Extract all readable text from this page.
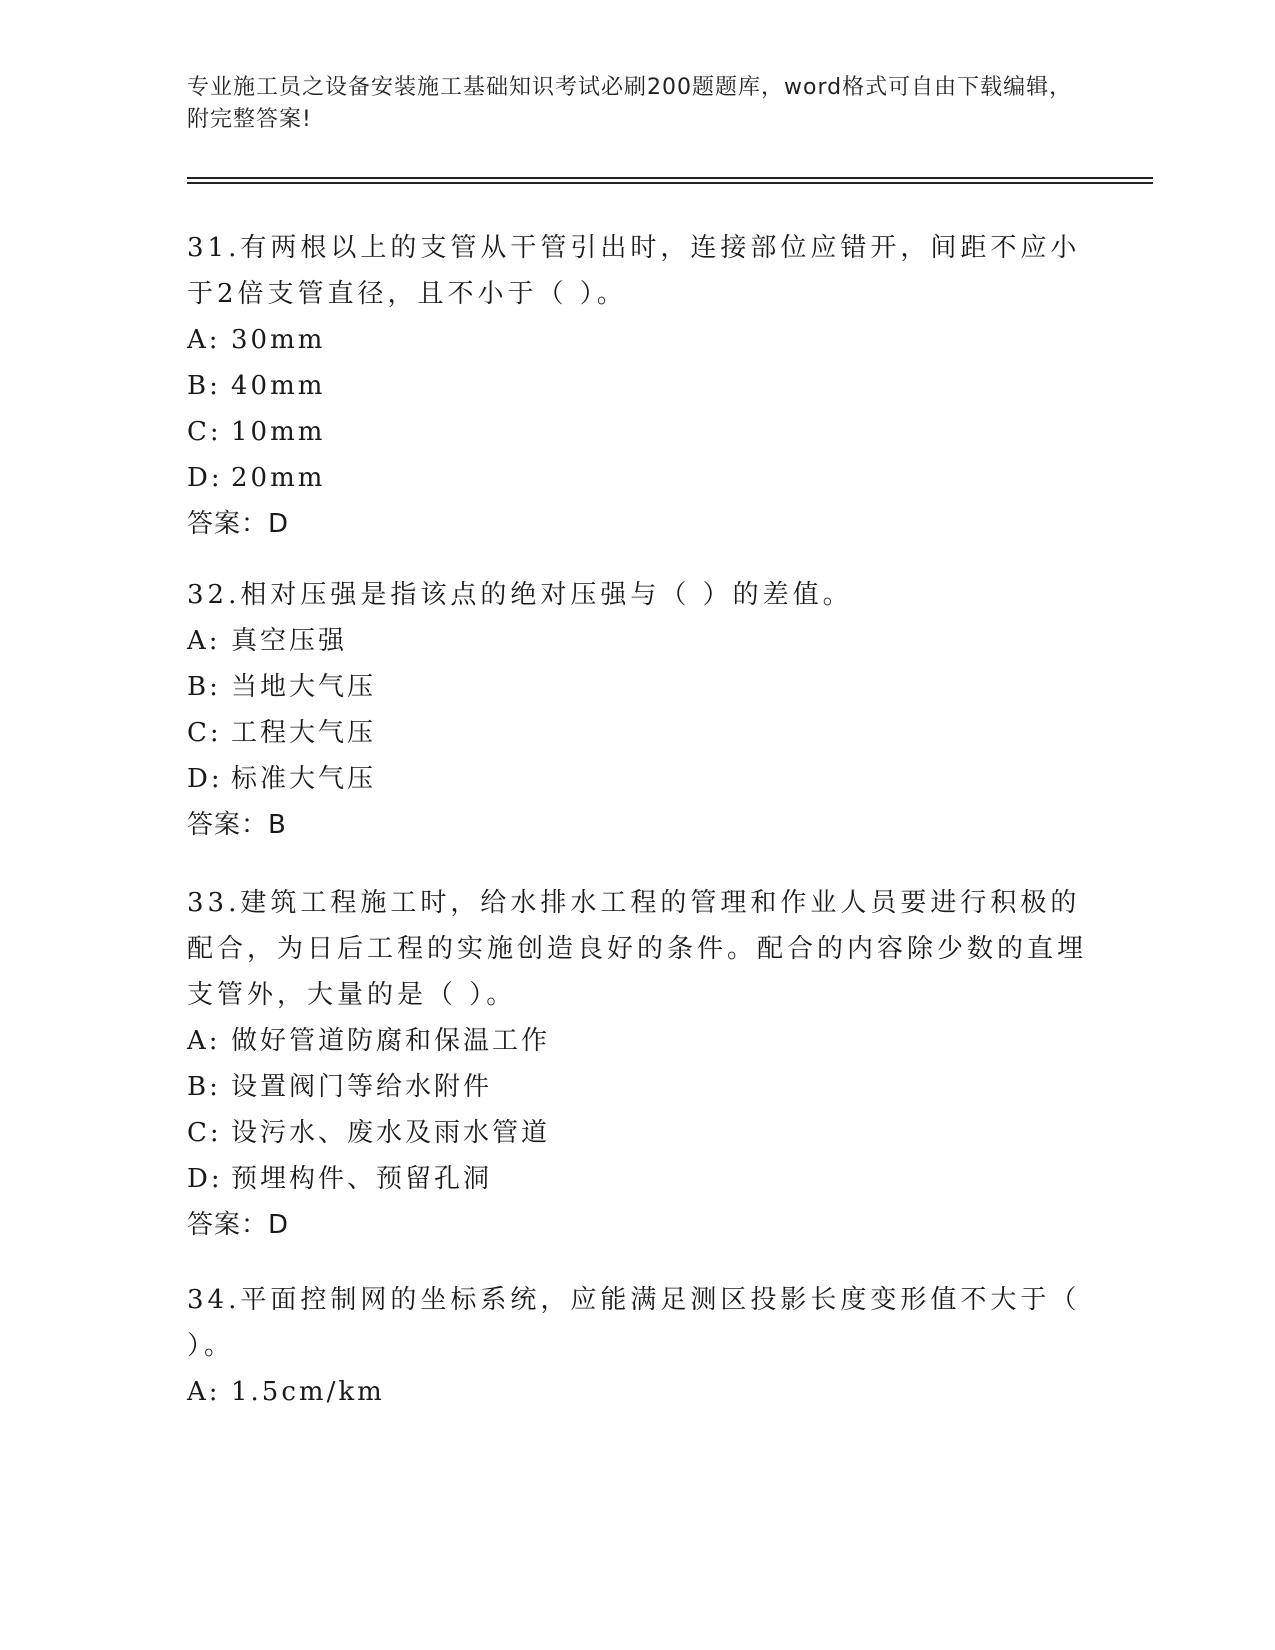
专业施工员之设备安装施工基础知识考试必刷200题题库，word格式可自由下载编辑，附完整答案!
31.有两根以上的支管从干管引出时，连接部位应错开，间距不应小于2倍支管直径，且不小于（ ）。
A: 30mm
B: 40mm
C: 10mm
D: 20mm
答案：D
32.相对压强是指该点的绝对压强与（ ）的差值。
A: 真空压强
B: 当地大气压
C: 工程大气压
D: 标准大气压
答案：B
33.建筑工程施工时，给水排水工程的管理和作业人员要进行积极的配合，为日后工程的实施创造良好的条件。配合的内容除少数的直埋支管外，大量的是（ ）。
A: 做好管道防腐和保温工作
B: 设置阀门等给水附件
C: 设污水、废水及雨水管道
D: 预埋构件、预留孔洞
答案：D
34.平面控制网的坐标系统，应能满足测区投影长度变形值不大于（ ）。
A: 1.5cm/km
